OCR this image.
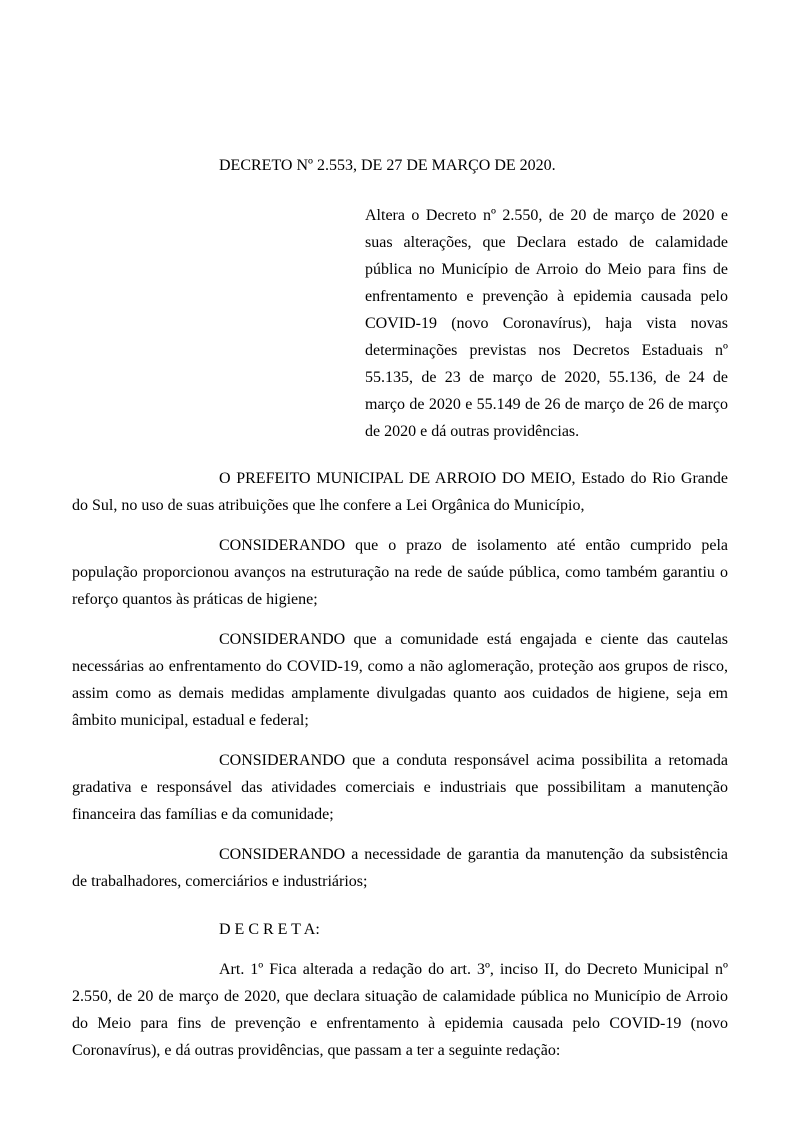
DECRETO Nº 2.553, DE 27 DE MARÇO DE 2020.

Altera o Decreto nº 2.550, de 20 de março de 2020 e suas alterações, que Declara estado de calamidade pública no Município de Arroio do Meio para fins de enfrentamento e prevenção à epidemia causada pelo COVID-19 (novo Coronavírus), haja vista novas determinações previstas nos Decretos Estaduais nº 55.135, de 23 de março de 2020, 55.136, de 24 de março de 2020 e 55.149 de 26 de março de 26 de março de 2020 e dá outras providências.

O PREFEITO MUNICIPAL DE ARROIO DO MEIO, Estado do Rio Grande do Sul, no uso de suas atribuições que lhe confere a Lei Orgânica do Município,

CONSIDERANDO que o prazo de isolamento até então cumprido pela população proporcionou avanços na estruturação na rede de saúde pública, como também garantiu o reforço quantos às práticas de higiene;

CONSIDERANDO que a comunidade está engajada e ciente das cautelas necessárias ao enfrentamento do COVID-19, como a não aglomeração, proteção aos grupos de risco, assim como as demais medidas amplamente divulgadas quanto aos cuidados de higiene, seja em âmbito municipal, estadual e federal;

CONSIDERANDO que a conduta responsável acima possibilita a retomada gradativa e responsável das atividades comerciais e industriais que possibilitam a manutenção financeira das famílias e da comunidade;

CONSIDERANDO a necessidade de garantia da manutenção da subsistência de trabalhadores, comerciários e industriários;

D E C R E T A:

Art. 1º Fica alterada a redação do art. 3º, inciso II, do Decreto Municipal nº 2.550, de 20 de março de 2020, que declara situação de calamidade pública no Município de Arroio do Meio para fins de prevenção e enfrentamento à epidemia causada pelo COVID-19 (novo Coronavírus), e dá outras providências, que passam a ter a seguinte redação:
